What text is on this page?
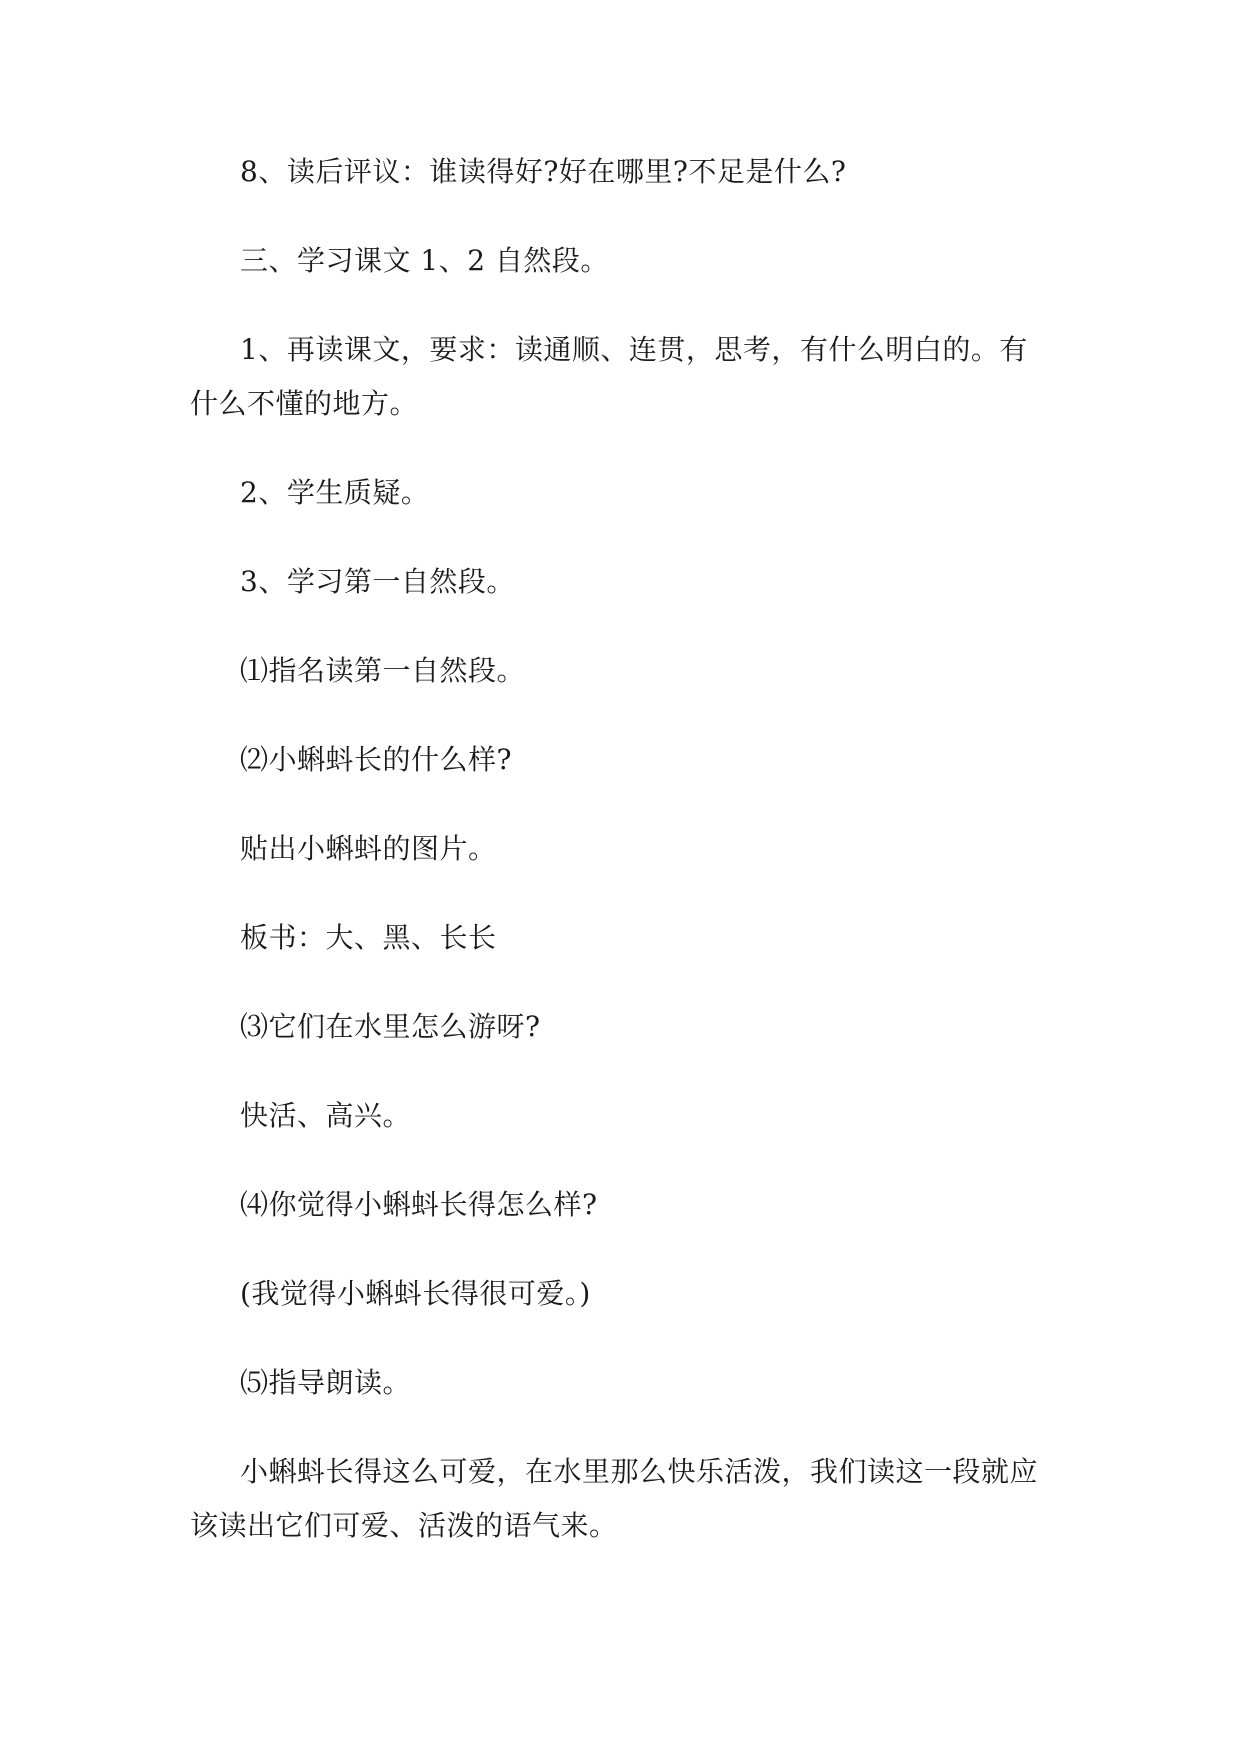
8、读后评议：谁读得好?好在哪里?不足是什么?

三、学习课文 1、2 自然段。

1、再读课文，要求：读通顺、连贯，思考，有什么明白的。有

什么不懂的地方。

2、学生质疑。

3、学习第一自然段。

⑴指名读第一自然段。

⑵小蝌蚪长的什么样?

贴出小蝌蚪的图片。

板书：大、黑、长长

⑶它们在水里怎么游呀?

快活、高兴。

⑷你觉得小蝌蚪长得怎么样?

(我觉得小蝌蚪长得很可爱。)

⑸指导朗读。

小蝌蚪长得这么可爱，在水里那么快乐活泼，我们读这一段就应

该读出它们可爱、活泼的语气来。
